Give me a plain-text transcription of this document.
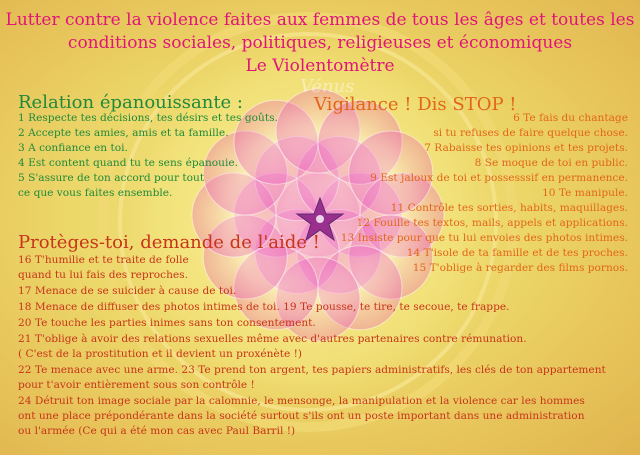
Vénus
Lutter contre la violence faites aux femmes de tous les âges et toutes les
conditions sociales, politiques, religieuses et économiques
Le Violentomètre
Relation épanouissante :
1 Respecte tes décisions, tes désirs et tes goûts.
2 Accepte tes amies, amis et ta famille.
3 A confiance en toi.
4 Est content quand tu te sens épanouie.
5 S'assure de ton accord pour tout
ce que vous faites ensemble.
Vigilance ! Dis STOP !
6 Te fais du chantage
si tu refuses de faire quelque chose.
7 Rabaisse tes opinions et tes projets.
8 Se moque de toi en public.
9 Est jaloux de toi et possesssif en permanence.
10 Te manipule.
11 Contrôle tes sorties, habits, maquillages.
12 Fouille tes textos, mails, appels et applications.
13 Insiste pour que tu lui envoies des photos intimes.
14 T'isole de ta famille et de tes proches.
15 T'oblige à regarder des films pornos.
Protèges-toi, demande de l'aide !
16 T'humilie et te traite de folle
quand tu lui fais des reproches.
17 Menace de se suicider à cause de toi.
18 Menace de diffuser des photos intimes de toi. 19 Te pousse, te tire, te secoue, te frappe.
20 Te touche les parties inimes sans ton consentement.
21 T'oblige à avoir des relations sexuelles même avec d'autres partenaires contre rémunation.
( C'est de la prostitution et il devient un proxénète !)
22 Te menace avec une arme. 23 Te prend ton argent, tes papiers administratifs, les clés de ton appartement
pour t'avoir entièrement sous son contrôle !
24 Détruit ton image sociale par la calomnie, le mensonge, la manipulation et la violence car les hommes
ont une place prépondérante dans la société surtout s'ils ont un poste important dans une administration
ou l'armée (Ce qui a été mon cas avec Paul Barril !)
